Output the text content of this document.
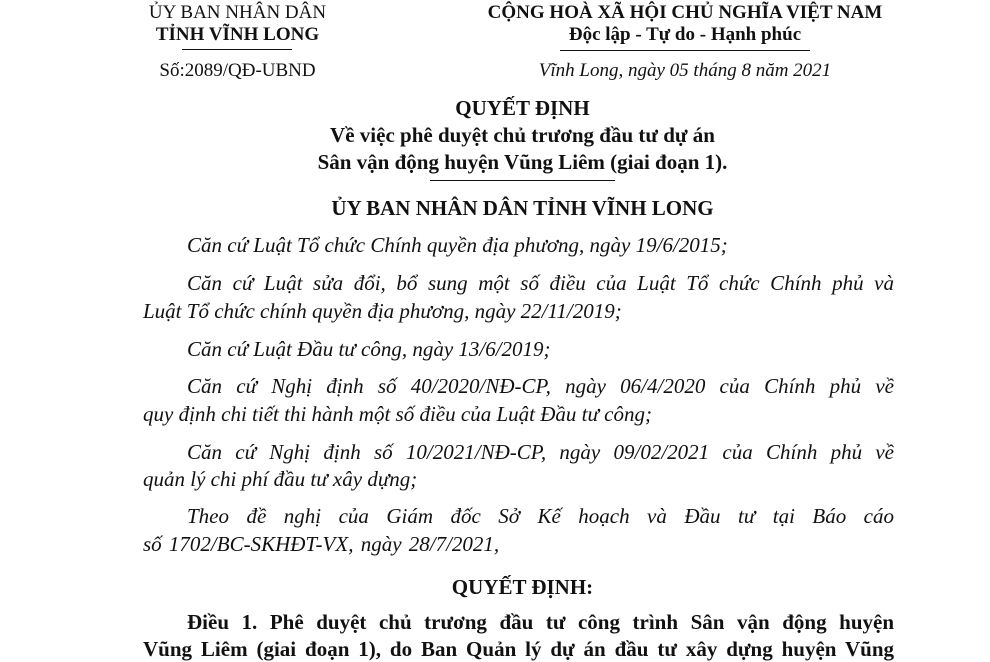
ỦY BAN NHÂN DÂN
TỈNH VĨNH LONG
Số:2089/QĐ-UBND
CỘNG HOÀ XÃ HỘI CHỦ NGHĨA VIỆT NAM
Độc lập - Tự do - Hạnh phúc
Vĩnh Long, ngày 05 tháng 8 năm 2021
QUYẾT ĐỊNH
Về việc phê duyệt chủ trương đầu tư dự án
Sân vận động huyện Vũng Liêm (giai đoạn 1).
ỦY BAN NHÂN DÂN TỈNH VĨNH LONG
Căn cứ Luật Tổ chức Chính quyền địa phương, ngày 19/6/2015;
Căn cứ Luật sửa đổi, bổ sung một số điều của Luật Tổ chức Chính phủ và
Luật Tổ chức chính quyền địa phương, ngày 22/11/2019;
Căn cứ Luật Đầu tư công, ngày 13/6/2019;
Căn cứ Nghị định số 40/2020/NĐ-CP, ngày 06/4/2020 của Chính phủ về
quy định chi tiết thi hành một số điều của Luật Đầu tư công;
Căn cứ Nghị định số 10/2021/NĐ-CP, ngày 09/02/2021 của Chính phủ về
quản lý chi phí đầu tư xây dựng;
Theo đề nghị của Giám đốc Sở Kế hoạch và Đầu tư tại Báo cáo
số 1702/BC-SKHĐT-VX, ngày 28/7/2021,
QUYẾT ĐỊNH:
Điều 1. Phê duyệt chủ trương đầu tư công trình Sân vận động huyện
Vũng Liêm (giai đoạn 1), do Ban Quản lý dự án đầu tư xây dựng huyện Vũng
